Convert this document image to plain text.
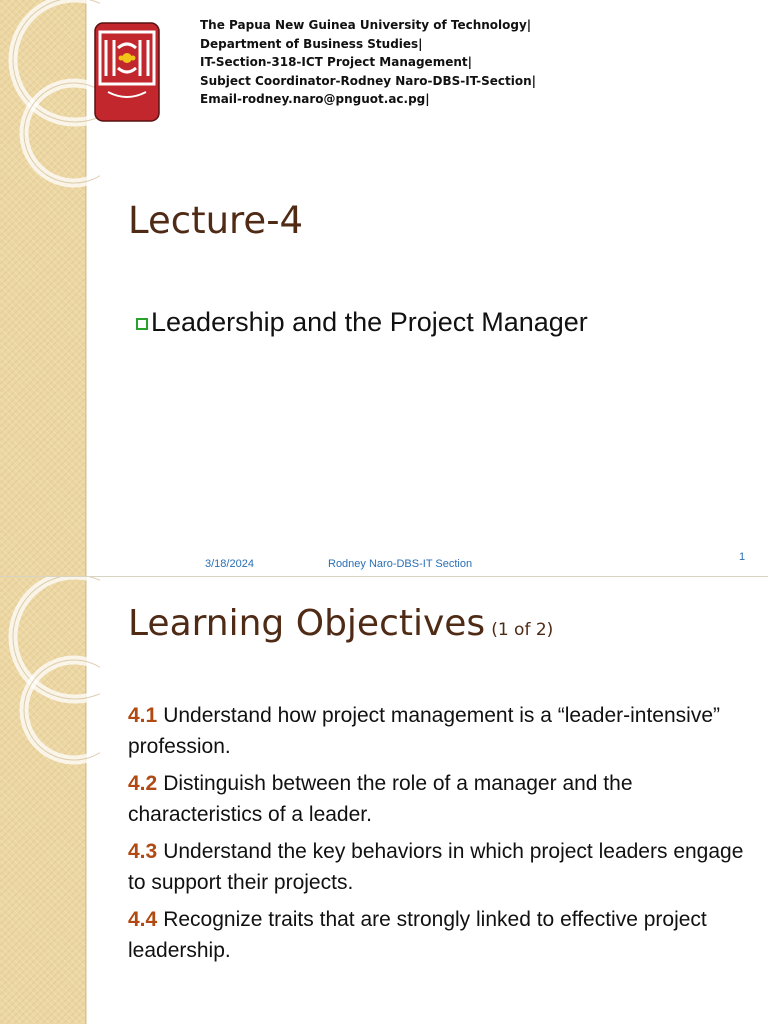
The Papua New Guinea University of Technology|
Department of Business Studies|
IT-Section-318-ICT Project Management|
Subject Coordinator-Rodney Naro-DBS-IT-Section|
Email-rodney.naro@pnguot.ac.pg|
Lecture-4
Leadership and the Project Manager
3/18/2024	Rodney Naro-DBS-IT Section
1
Learning Objectives (1 of 2)
4.1 Understand how project management is a “leader-intensive” profession.
4.2 Distinguish between the role of a manager and the characteristics of a leader.
4.3 Understand the key behaviors in which project leaders engage to support their projects.
4.4 Recognize traits that are strongly linked to effective project leadership.
